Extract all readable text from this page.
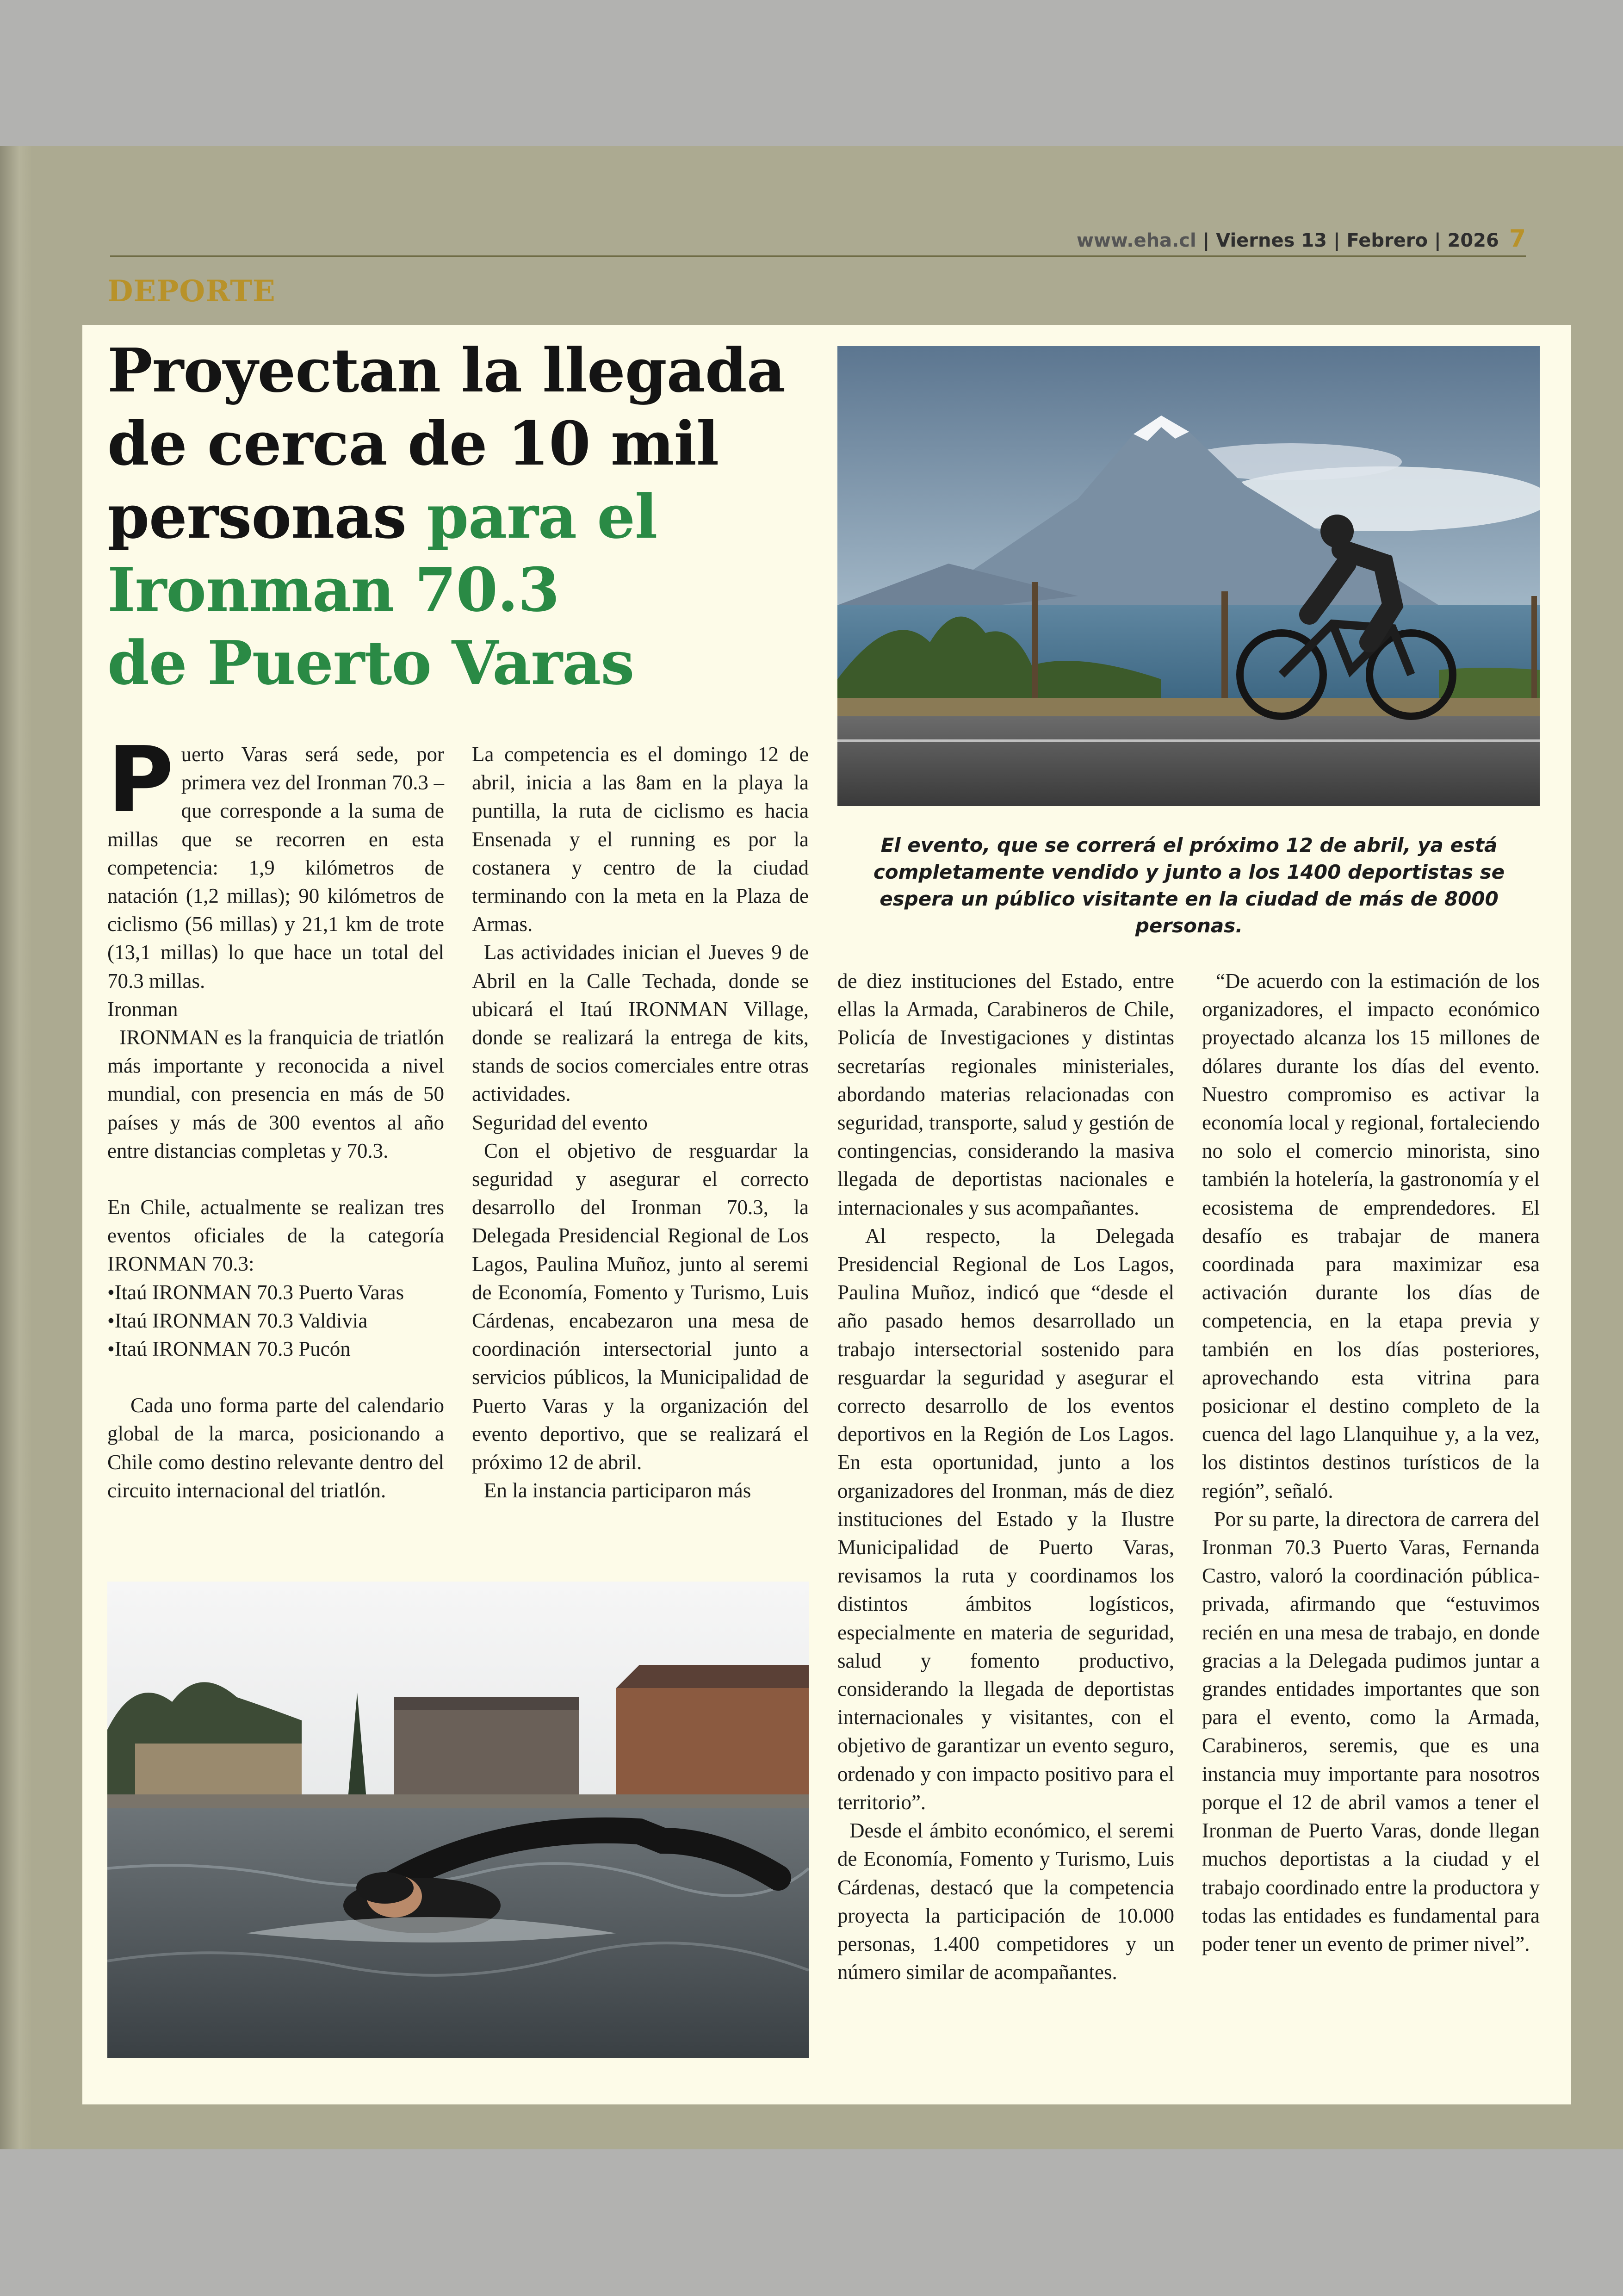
www.eha.cl | Viernes 13 | Febrero | 2026 7
DEPORTE
Proyectan la llegada
de cerca de 10 mil
personas para el
Ironman 70.3
de Puerto Varas
El evento, que se correrá el próximo 12 de abril, ya está completamente vendido y junto a los 1400 deportistas se espera un público visitante en la ciudad de más de 8000 personas.

Puerto Varas será sede, por primera vez del Ironman 70.3 – que corresponde a la suma de millas que se recorren en esta competencia: 1,9 kilómetros de natación (1,2 millas); 90 kilómetros de ciclismo (56 millas) y 21,1 km de trote (13,1 millas) lo que hace un total del 70.3 millas.

Ironman

IRONMAN es la franquicia de triatlón más importante y reconocida a nivel mundial, con presencia en más de 50 países y más de 300 eventos al año entre distancias completas y 70.3.

En Chile, actualmente se realizan tres eventos oficiales de la categoría IRONMAN 70.3:

•Itaú IRONMAN 70.3 Puerto Varas

•Itaú IRONMAN 70.3 Valdivia

•Itaú IRONMAN 70.3 Pucón

Cada uno forma parte del calendario global de la marca, posicionando a Chile como destino relevante dentro del circuito internacional del triatlón.

La competencia es el domingo 12 de abril, inicia a las 8am en la playa la puntilla, la ruta de ciclismo es hacia Ensenada y el running es por la costanera y centro de la ciudad terminando con la meta en la Plaza de Armas.

Las actividades inician el Jueves 9 de Abril en la Calle Techada, donde se ubicará el Itaú IRONMAN Village, donde se realizará la entrega de kits, stands de socios comerciales entre otras actividades.

Seguridad del evento

Con el objetivo de resguardar la seguridad y asegurar el correcto desarrollo del Ironman 70.3, la Delegada Presidencial Regional de Los Lagos, Paulina Muñoz, junto al seremi de Economía, Fomento y Turismo, Luis Cárdenas, encabezaron una mesa de coordinación intersectorial junto a servicios públicos, la Municipalidad de Puerto Varas y la organización del evento deportivo, que se realizará el próximo 12 de abril.

En la instancia participaron más

de diez instituciones del Estado, entre ellas la Armada, Carabineros de Chile, Policía de Investigaciones y distintas secretarías regionales ministeriales, abordando materias relacionadas con seguridad, transporte, salud y gestión de contingencias, considerando la masiva llegada de deportistas nacionales e internacionales y sus acompañantes.

Al respecto, la Delegada Presidencial Regional de Los Lagos, Paulina Muñoz, indicó que “desde el año pasado hemos desarrollado un trabajo intersectorial sostenido para resguardar la seguridad y asegurar el correcto desarrollo de los eventos deportivos en la Región de Los Lagos. En esta oportunidad, junto a los organizadores del Ironman, más de diez instituciones del Estado y la Ilustre Municipalidad de Puerto Varas, revisamos la ruta y coordinamos los distintos ámbitos logísticos, especialmente en materia de seguridad, salud y fomento productivo, considerando la llegada de deportistas internacionales y visitantes, con el objetivo de garantizar un evento seguro, ordenado y con impacto positivo para el territorio”.

Desde el ámbito económico, el seremi de Economía, Fomento y Turismo, Luis Cárdenas, destacó que la competencia proyecta la participación de 10.000 personas, 1.400 competidores y un número similar de acompañantes.

“De acuerdo con la estimación de los organizadores, el impacto económico proyectado alcanza los 15 millones de dólares durante los días del evento. Nuestro compromiso es activar la economía local y regional, fortaleciendo no solo el comercio minorista, sino también la hotelería, la gastronomía y el ecosistema de emprendedores. El desafío es trabajar de manera coordinada para maximizar esa activación durante los días de competencia, en la etapa previa y también en los días posteriores, aprovechando esta vitrina para posicionar el destino completo de la cuenca del lago Llanquihue y, a la vez, los distintos destinos turísticos de la región”, señaló.

Por su parte, la directora de carrera del Ironman 70.3 Puerto Varas, Fernanda Castro, valoró la coordinación pública- privada, afirmando que “estuvimos recién en una mesa de trabajo, en donde gracias a la Delegada pudimos juntar a grandes entidades importantes que son para el evento, como la Armada, Carabineros, seremis, que es una instancia muy importante para nosotros porque el 12 de abril vamos a tener el Ironman de Puerto Varas, donde llegan muchos deportistas a la ciudad y el trabajo coordinado entre la productora y todas las entidades es fundamental para poder tener un evento de primer nivel”.
